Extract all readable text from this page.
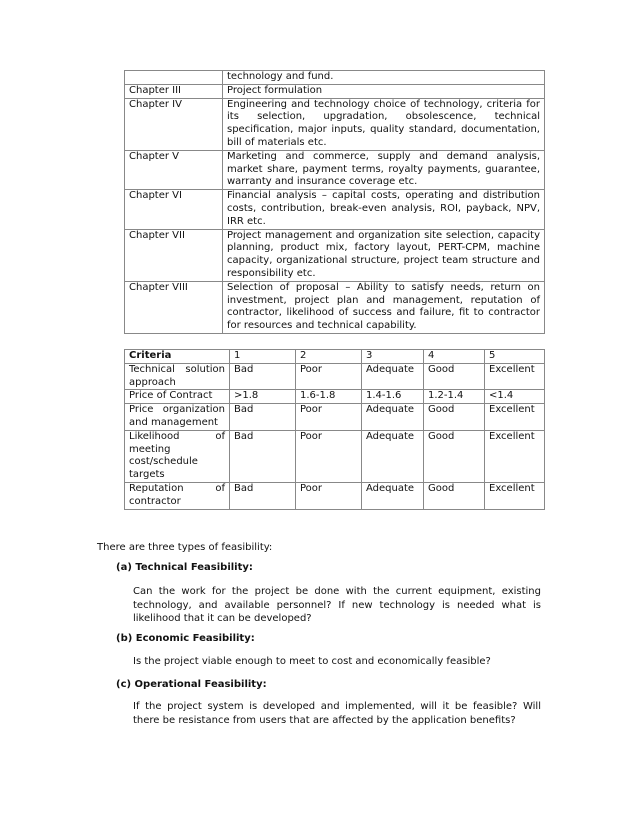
	technology and fund.
Chapter III	Project formulation
Chapter IV	Engineering and technology choice of technology, criteria for its selection, upgradation, obsolescence, technical specification, major inputs, quality standard, documentation, bill of materials etc.
Chapter V	Marketing and commerce, supply and demand analysis, market share, payment terms, royalty payments, guarantee, warranty and insurance coverage etc.
Chapter VI	Financial analysis – capital costs, operating and distribution costs, contribution, break-even analysis, ROI, payback, NPV, IRR etc.
Chapter VII	Project management and organization site selection, capacity planning, product mix, factory layout, PERT-CPM, machine capacity, organizational structure, project team structure and responsibility etc.
Chapter VIII	Selection of proposal – Ability to satisfy needs, return on investment, project plan and management, reputation of contractor, likelihood of success and failure, fit to contractor for resources and technical capability.
Criteria	1	2	3	4	5
Technical solution approach	Bad	Poor	Adequate	Good	Excellent
Price of Contract	>1.8	1.6-1.8	1.4-1.6	1.2-1.4	<1.4
Price organization and management	Bad	Poor	Adequate	Good	Excellent
Likelihood of meeting cost/schedule targets	Bad	Poor	Adequate	Good	Excellent
Reputation of contractor	Bad	Poor	Adequate	Good	Excellent
There are three types of feasibility:
(a) Technical Feasibility:
Can the work for the project be done with the current equipment, existing technology, and available personnel? If new technology is needed what is likelihood that it can be developed?
(b) Economic Feasibility:
Is the project viable enough to meet to cost and economically feasible?
(c) Operational Feasibility:
If the project system is developed and implemented, will it be feasible? Will there be resistance from users that are affected by the application benefits?
